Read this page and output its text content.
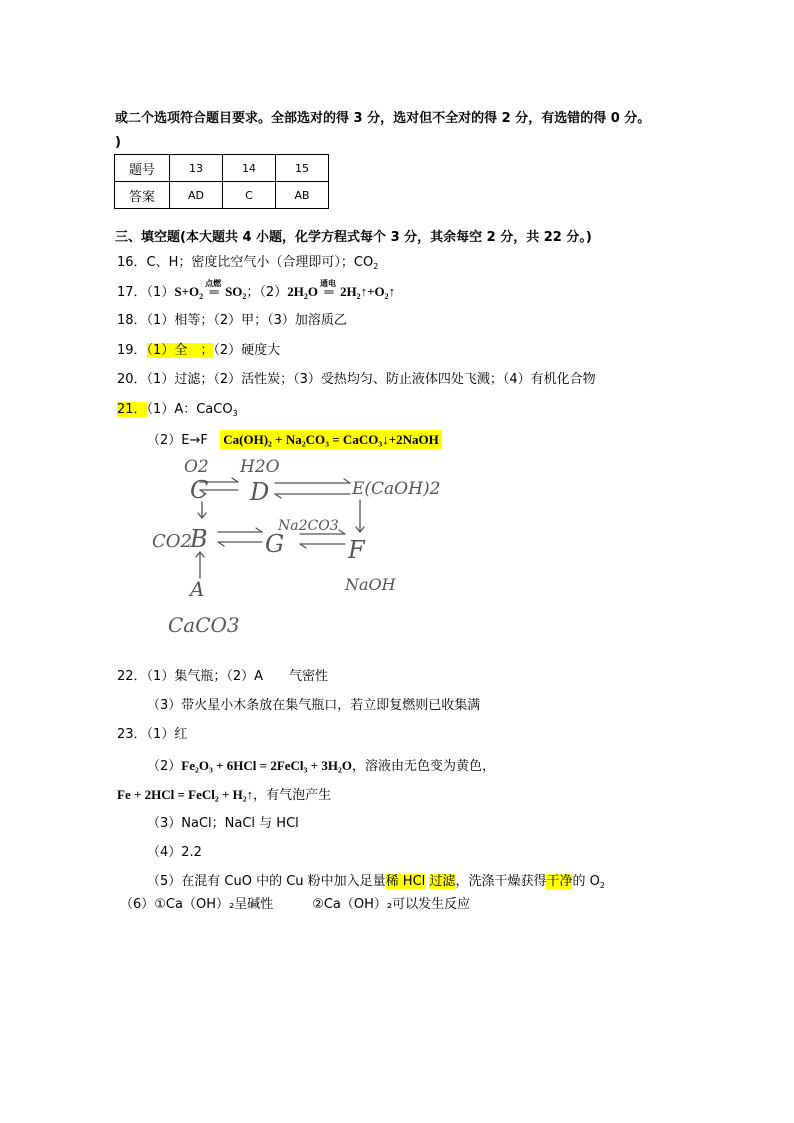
或二个选项符合题目要求。全部选对的得 3 分，选对但不全对的得 2 分，有选错的得 0 分。
)
题号	13	14	15
答案	AD	C	AB
三、填空题(本大题共 4 小题，化学方程式每个 3 分，其余每空 2 分，共 22 分。)
16．C、H；密度比空气小（合理即可）；$CO_2$
17．$(1)S+O_2$
点燃
═ $SO_2$；$(2)2H_2O$
通电
═ $2H_2↑+O_2↑$
18．（1）相等；（2）甲；（3）加溶质乙
19．（1）全　；（2）硬度大
20．（1）过滤；（2）活性炭；（3）受热均匀、防止液体四处飞溅；（4）有机化合物
21．（1）A：CaCO$_3$
（2）E→F Ca(OH)₂ + Na₂CO₃ = CaCO₃↓+2NaOH
O2 H2O
C D	E(CaOH)2
CO2
B	Na2CO3
G	F
NaOH
A
CaCO3
22．（1）集气瓶；（2）A　　气密性
（3）带火星小木条放在集气瓶口，若立即复燃则已收集满
23．（1）红
（2）Fe₂O₃ + 6HCl = 2FeCl₃ + 3H₂O，溶液由无色变为黄色，
Fe + 2HCl = FeCl₂ + H₂↑，有气泡产生
（3）NaCl；NaCl 与 HCl
（4）2.2
（5）在混有 CuO 中的 Cu 粉中加入足量稀 HCl 过滤，洗涤干燥获得干净的 $O_2$
（6）①Ca（OH）₂呈碱性　　　②Ca（OH）₂可以发生反应
